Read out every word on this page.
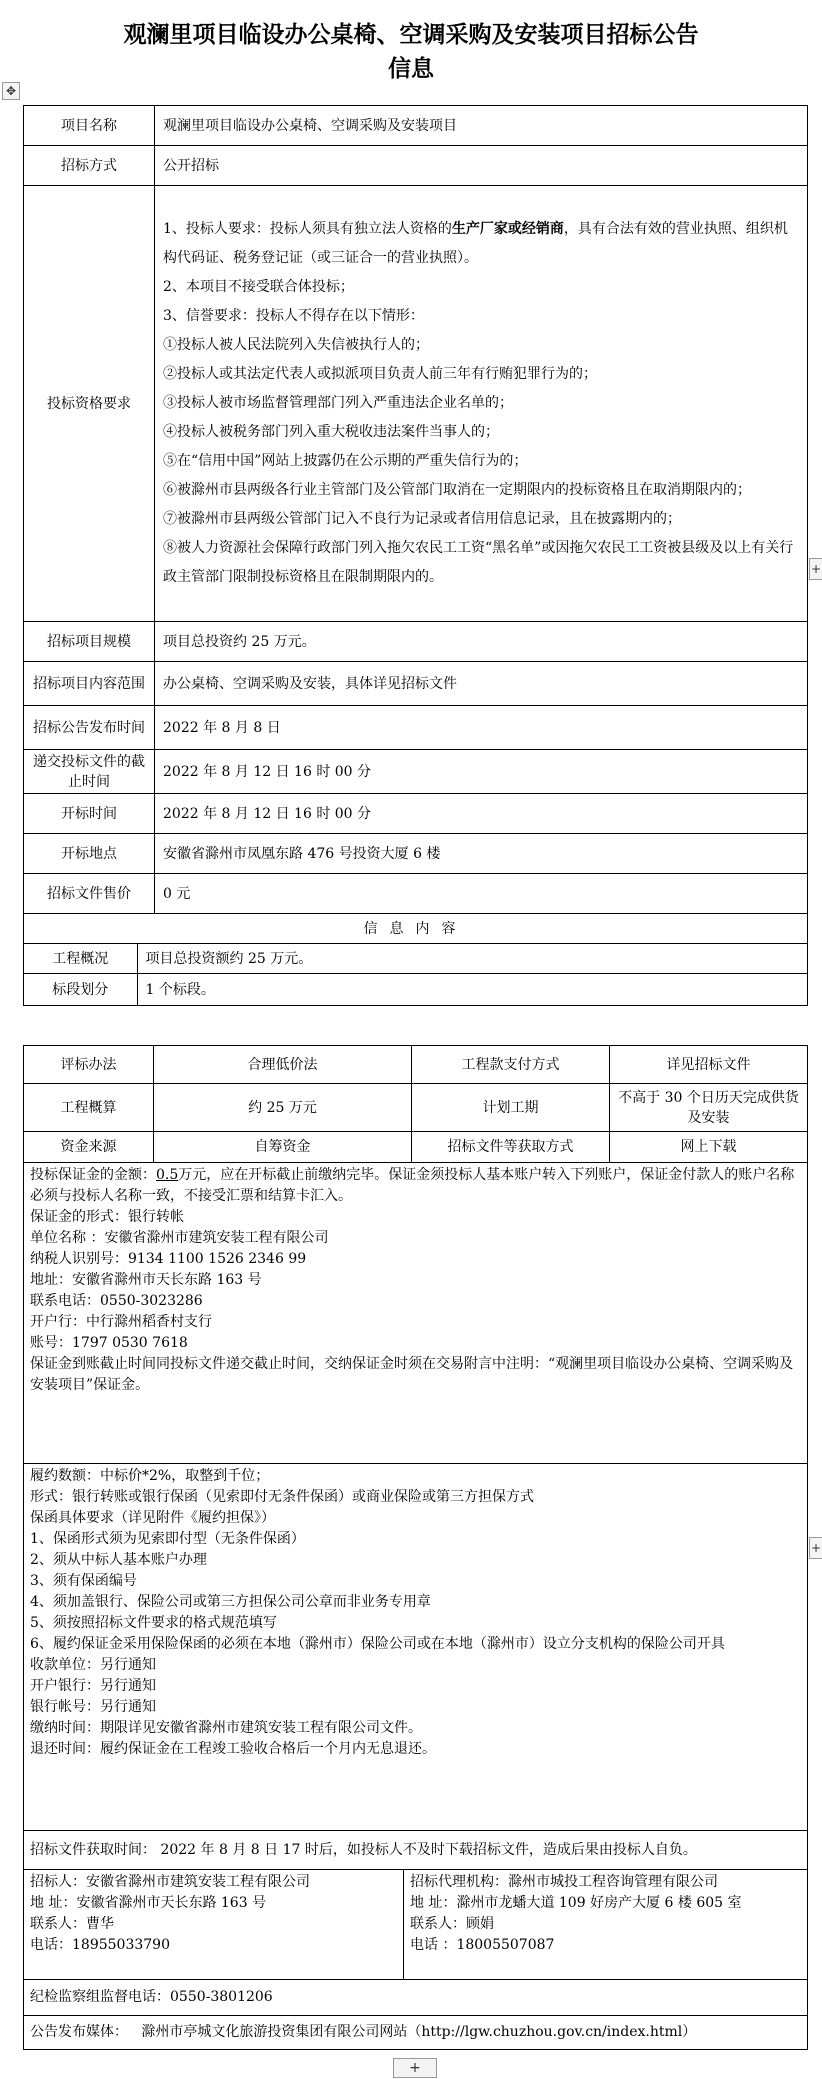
观澜里项目临设办公桌椅、空调采购及安装项目招标公告
信息
✥
+
+
+
项目名称	观澜里项目临设办公桌椅、空调采购及安装项目
招标方式	公开招标
投标资格要求	

1、投标人要求：投标人须具有独立法人资格的生产厂家或经销商，具有合法有效的营业执照、组织机构代码证、税务登记证（或三证合一的营业执照）。

2、本项目不接受联合体投标；

3、信誉要求：投标人不得存在以下情形：

①投标人被人民法院列入失信被执行人的；

②投标人或其法定代表人或拟派项目负责人前三年有行贿犯罪行为的；

③投标人被市场监督管理部门列入严重违法企业名单的；

④投标人被税务部门列入重大税收违法案件当事人的；

⑤在“信用中国”网站上披露仍在公示期的严重失信行为的；

⑥被滁州市县两级各行业主管部门及公管部门取消在一定期限内的投标资格且在取消期限内的；

⑦被滁州市县两级公管部门记入不良行为记录或者信用信息记录，且在披露期内的；

⑧被人力资源社会保障行政部门列入拖欠农民工工资“黑名单”或因拖欠农民工工资被县级及以上有关行政主管部门限制投标资格且在限制期限内的。

招标项目规模	项目总投资约 25 万元。
招标项目内容范围	办公桌椅、空调采购及安装，具体详见招标文件
招标公告发布时间	2022 年 8 月 8 日
递交投标文件的截止时间	2022 年 8 月 12 日 16 时 00 分
开标时间	2022 年 8 月 12 日 16 时 00 分
开标地点	安徽省滁州市凤凰东路 476 号投资大厦 6 楼
招标文件售价	0 元
信息内容

工程概况	项目总投资额约 25 万元。

标段划分	1 个标段。
评标办法	合理低价法	工程款支付方式	详见招标文件
工程概算	约 25 万元	计划工期	不高于 30 个日历天完成供货及安装
资金来源	自筹资金	招标文件等获取方式	网上下载

投标保证金的金额：0.5万元，应在开标截止前缴纳完毕。保证金须投标人基本账户转入下列账户，保证金付款人的账户名称必须与投标人名称一致，不接受汇票和结算卡汇入。

保证金的形式：银行转帐

单位名称 ：安徽省滁州市建筑安装工程有限公司

纳税人识别号：9134 1100 1526 2346 99

地址：安徽省滁州市天长东路 163 号

联系电话：0550-3023286

开户行：中行滁州稻香村支行

账号：1797 0530 7618

保证金到账截止时间同投标文件递交截止时间，交纳保证金时须在交易附言中注明：“观澜里项目临设办公桌椅、空调采购及安装项目”保证金。

履约数额：中标价*2%，取整到千位；

形式：银行转账或银行保函（见索即付无条件保函）或商业保险或第三方担保方式

保函具体要求（详见附件《履约担保》）

1、保函形式须为见索即付型（无条件保函）

2、须从中标人基本账户办理

3、须有保函编号

4、须加盖银行、保险公司或第三方担保公司公章而非业务专用章

5、须按照招标文件要求的格式规范填写

6、履约保证金采用保险保函的必须在本地（滁州市）保险公司或在本地（滁州市）设立分支机构的保险公司开具

收款单位：另行通知

开户银行：另行通知

银行帐号：另行通知

缴纳时间：期限详见安徽省滁州市建筑安装工程有限公司文件。

退还时间：履约保证金在工程竣工验收合格后一个月内无息退还。

招标文件获取时间： 2022 年 8 月 8 日 17 时后，如投标人不及时下载招标文件，造成后果由投标人自负。

招标人：安徽省滁州市建筑安装工程有限公司

地 址：安徽省滁州市天长东路 163 号

联系人：曹华

电话：18955033790

招标代理机构：滁州市城投工程咨询管理有限公司

地 址：滁州市龙蟠大道 109 好房产大厦 6 楼 605 室

联系人：顾娟

电话 ：18005507087

纪检监察组监督电话：0550-3801206
公告发布媒体： 滁州市亭城文化旅游投资集团有限公司网站（http://lgw.chuzhou.gov.cn/index.html）
